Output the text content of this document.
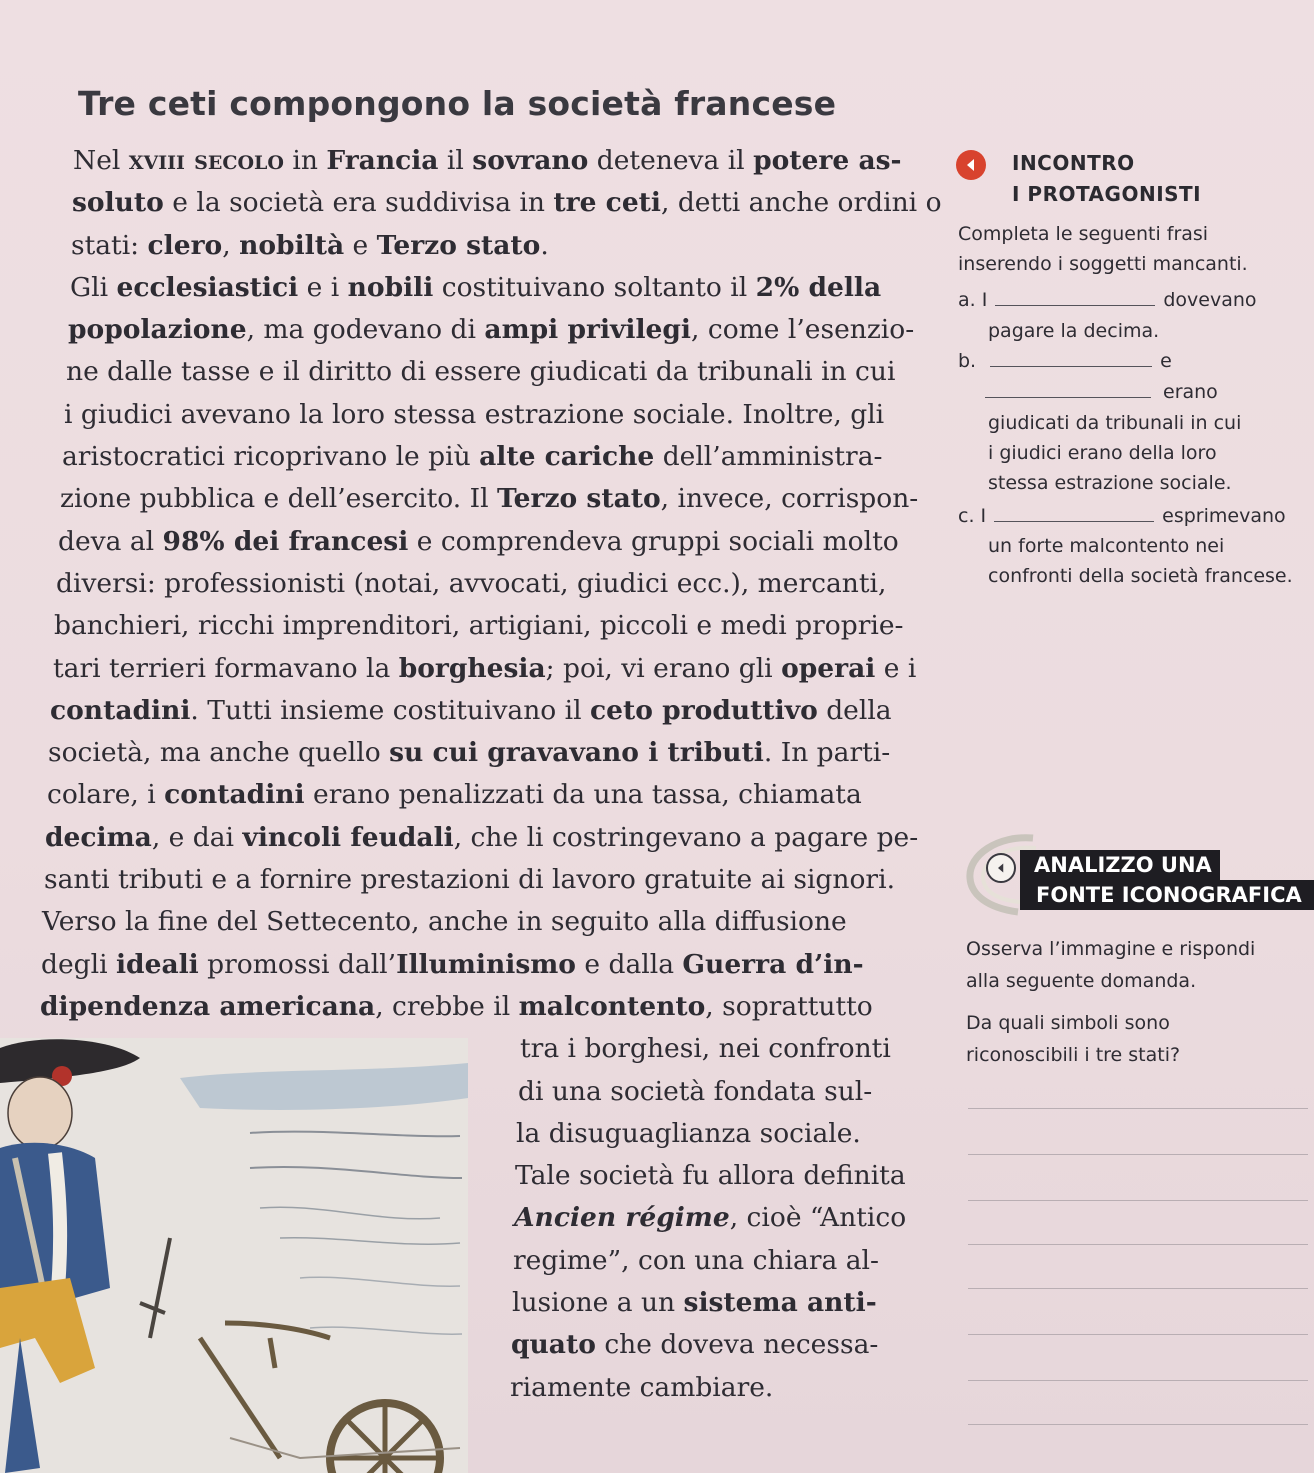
Tre ceti compongono la società francese
Nel xviii secolo in Francia il sovrano deteneva il potere as-
soluto e la società era suddivisa in tre ceti, detti anche ordini o
stati: clero, nobiltà e Terzo stato.
Gli ecclesiastici e i nobili costituivano soltanto il 2% della
popolazione, ma godevano di ampi privilegi, come l’esenzio-
ne dalle tasse e il diritto di essere giudicati da tribunali in cui
i giudici avevano la loro stessa estrazione sociale. Inoltre, gli
aristocratici ricoprivano le più alte cariche dell’amministra-
zione pubblica e dell’esercito. Il Terzo stato, invece, corrispon-
deva al 98% dei francesi e comprendeva gruppi sociali molto
diversi: professionisti (notai, avvocati, giudici ecc.), mercanti,
banchieri, ricchi imprenditori, artigiani, piccoli e medi proprie-
tari terrieri formavano la borghesia; poi, vi erano gli operai e i
contadini. Tutti insieme costituivano il ceto produttivo della
società, ma anche quello su cui gravavano i tributi. In parti-
colare, i contadini erano penalizzati da una tassa, chiamata
decima, e dai vincoli feudali, che li costringevano a pagare pe-
santi tributi e a fornire prestazioni di lavoro gratuite ai signori.
Verso la fine del Settecento, anche in seguito alla diffusione
degli ideali promossi dall’Illuminismo e dalla Guerra d’in-
dipendenza americana, crebbe il malcontento, soprattutto
tra i borghesi, nei confronti
di una società fondata sul-
la disuguaglianza sociale.
Tale società fu allora definita
Ancien régime, cioè “Antico
regime”, con una chiara al-
lusione a un sistema anti-
quato che doveva necessa-
riamente cambiare.
INCONTRO
I PROTAGONISTI
Completa le seguenti frasi
inserendo i soggetti mancanti.
a. I	dovevano
pagare la decima.
b.	e
erano
giudicati da tribunali in cui
i giudici erano della loro
stessa estrazione sociale.
c. I	esprimevano
un forte malcontento nei
confronti della società francese.
ANALIZZO UNA
FONTE ICONOGRAFICA
Osserva l’immagine e rispondi
alla seguente domanda.
Da quali simboli sono
riconoscibili i tre stati?
